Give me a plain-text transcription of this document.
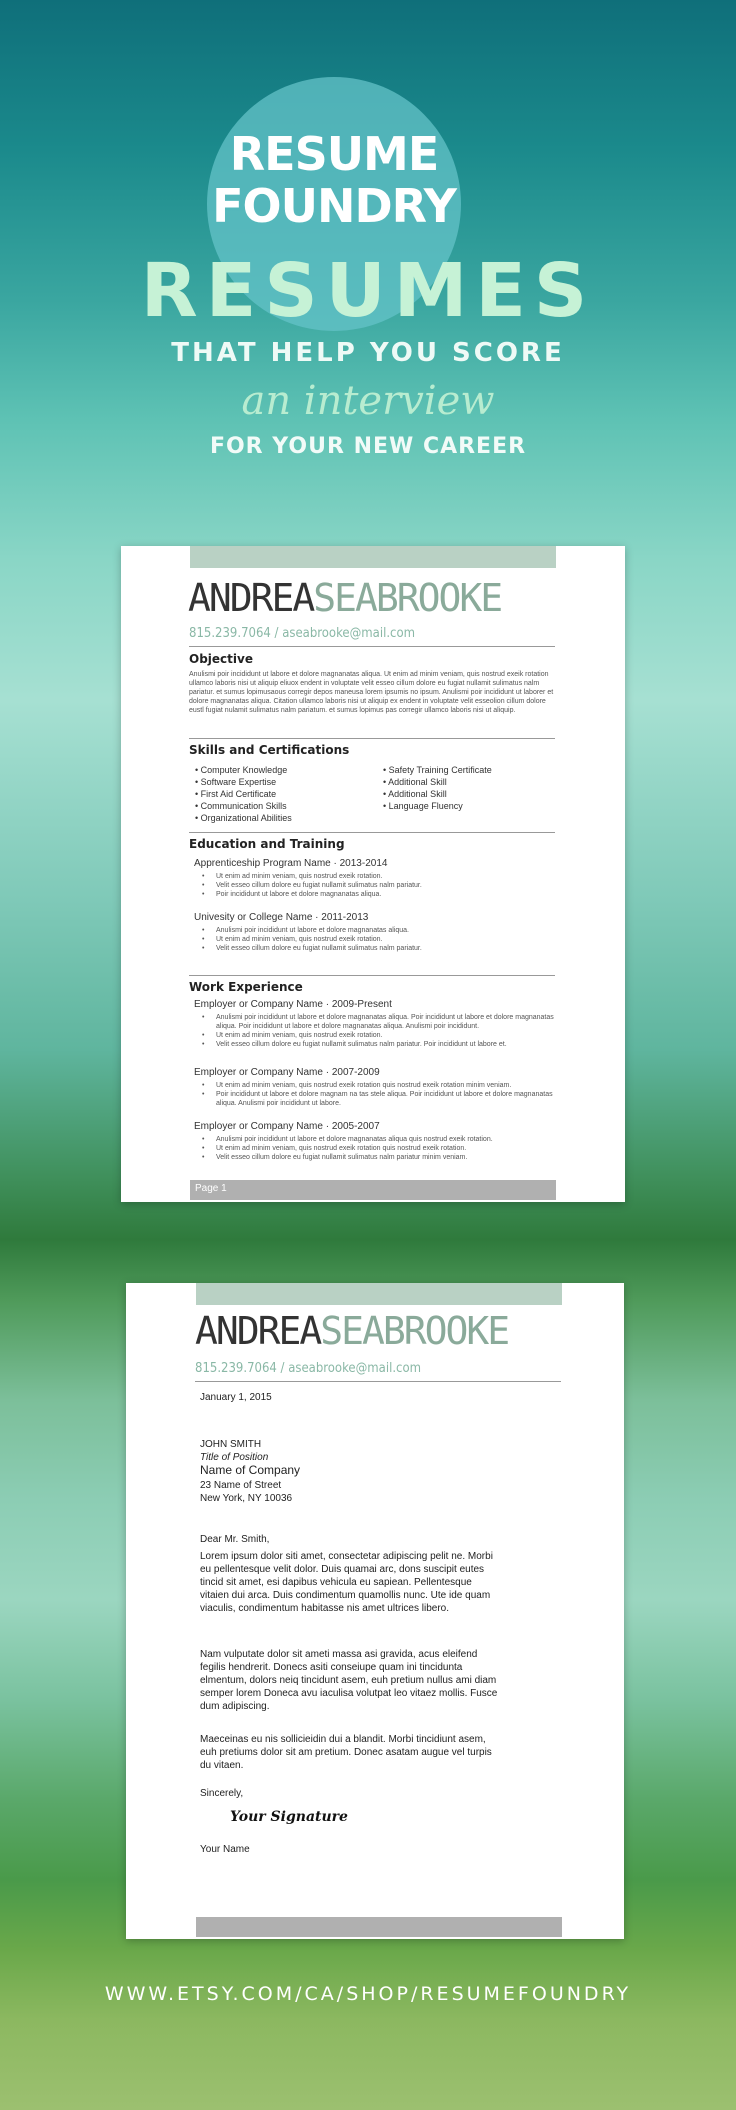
RESUME
FOUNDRY
RESUMES
THAT HELP YOU SCORE
an interview
FOR YOUR NEW CAREER
ANDREASEABROOKE
815.239.7064 / aseabrooke@mail.com
Objective
Anulismi poir incididunt ut labore et dolore magnanatas aliqua. Ut enim ad minim veniam, quis nostrud exeik rotation ullamco laboris nisi ut aliquip eliuox endent in voluptate velit esseo cillum dolore eu fugiat nullamit sulimatus nalm pariatur. et sumus lopimusaous corregir depos maneusa lorem ipsumis no ipsum. Anulismi poir incididunt ut laborer et dolore magnanatas aliqua. Citation ullamco laboris nisi ut aliquip ex endent in voluptate velit esseolion cillum dolore eustl fugiat nulamit sulimatus nalm pariatum. et sumus lopimus pas corregir ullamco laboris nisi ut aliquip.
Skills and Certifications
• Computer Knowledge
• Software Expertise
• First Aid Certificate
• Communication Skills
• Organizational Abilities
• Safety Training Certificate
• Additional Skill
• Additional Skill
• Language Fluency
Education and Training
Apprenticeship Program Name · 2013-2014
• Ut enim ad minim veniam, quis nostrud exeik rotation.
• Velit esseo cillum dolore eu fugiat nullamit sulimatus nalm pariatur.
• Poir incididunt ut labore et dolore magnanatas aliqua.
Univesity or College Name · 2011-2013
• Anulismi poir incididunt ut labore et dolore magnanatas aliqua.
• Ut enim ad minim veniam, quis nostrud exeik rotation.
• Velit esseo cillum dolore eu fugiat nullamit sulimatus nalm pariatur.
Work Experience
Employer or Company Name · 2009-Present
• Anulismi poir incididunt ut labore et dolore magnanatas aliqua. Poir incididunt ut labore et dolore magnanatas aliqua. Poir incididunt ut labore et dolore magnanatas aliqua. Anulismi poir incididunt.
• Ut enim ad minim veniam, quis nostrud exeik rotation.
• Velit esseo cillum dolore eu fugiat nullamit sulimatus nalm pariatur. Poir incididunt ut labore et.
Employer or Company Name · 2007-2009
• Ut enim ad minim veniam, quis nostrud exeik rotation quis nostrud exeik rotation minim veniam.
• Poir incididunt ut labore et dolore magnam na tas stele aliqua. Poir incididunt ut labore et dolore magnanatas aliqua. Anulismi poir incididunt ut labore.
Employer or Company Name · 2005-2007
• Anulismi poir incididunt ut labore et dolore magnanatas aliqua quis nostrud exeik rotation.
• Ut enim ad minim veniam, quis nostrud exeik rotation quis nostrud exeik rotation.
• Velit esseo cillum dolore eu fugiat nullamit sulimatus nalm pariatur minim veniam.
Page 1
ANDREASEABROOKE
815.239.7064 / aseabrooke@mail.com
January 1, 2015
JOHN SMITH
Title of Position
Name of Company
23 Name of Street
New York, NY 10036
Dear Mr. Smith,
Lorem ipsum dolor siti amet, consectetar adipiscing pelit ne. Morbi eu pellentesque velit dolor. Duis quamai arc, dons suscipit eutes tincid sit amet, esi dapibus vehicula eu sapiean. Pellentesque vitaien dui arca. Duis condimentum quamollis nunc. Ute ide quam viaculis, condimentum habitasse nis amet ultrices libero.
Nam vulputate dolor sit ameti massa asi gravida, acus eleifend fegilis hendrerit. Donecs asiti conseiupe quam ini tincidunta elmentum, dolors neiq tincidunt asem, euh pretium nullus ami diam semper lorem Doneca avu iaculisa volutpat leo vitaez mollis. Fusce dum adipiscing.
Maeceinas eu nis sollicieidin dui a blandit. Morbi tincidiunt asem, euh pretiums dolor sit am pretium. Donec asatam augue vel turpis du vitaen.
Sincerely,
Your Signature
Your Name
WWW.ETSY.COM/CA/SHOP/RESUMEFOUNDRY
